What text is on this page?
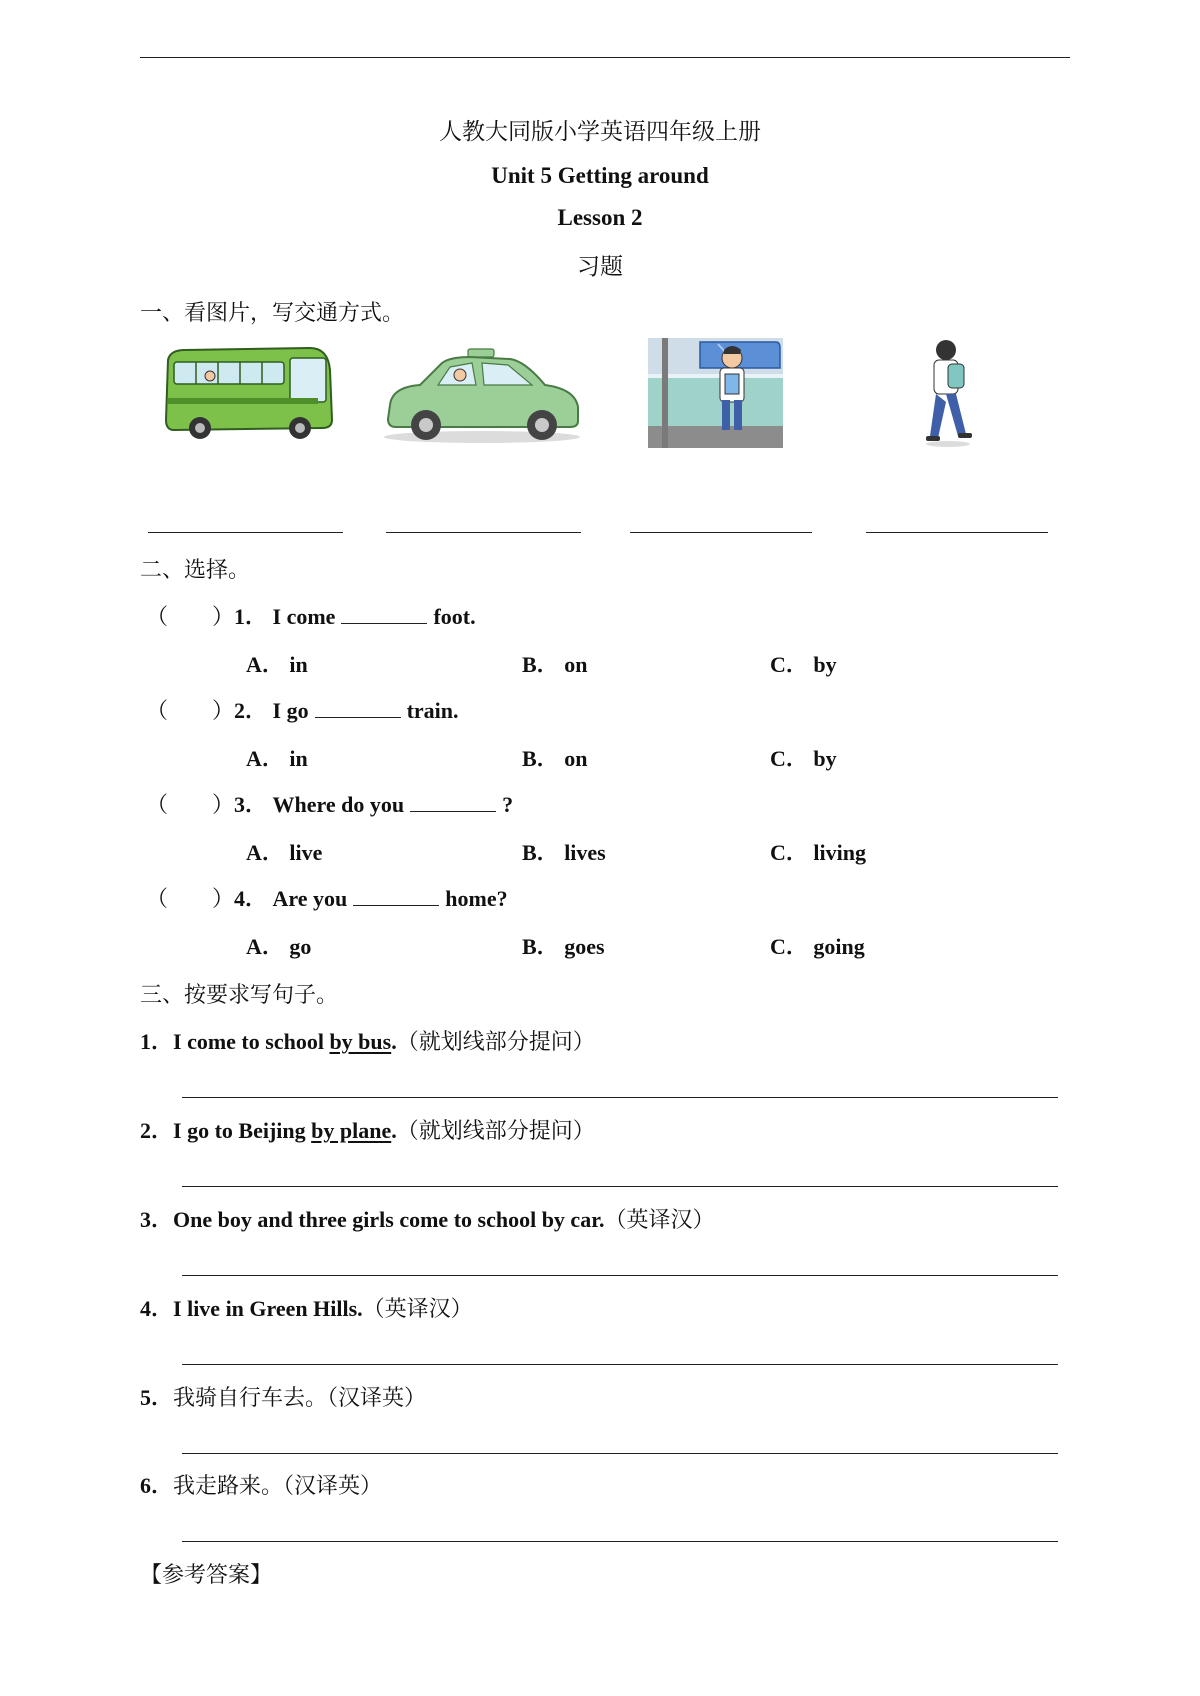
人教大同版小学英语四年级上册
Unit 5 Getting around
Lesson 2
习题
一、看图片，写交通方式。
二、选择。
（　　）1． I come	foot.
A． in	B． on	C． by
（　　）2． I go	train.
A． in	B． on	C． by
（　　）3． Where do you	?
A． live	B． lives	C． living
（　　）4． Are you	home?
A． go	B． goes	C． going
三、按要求写句子。
1．I come to school by bus.（就划线部分提问）
2．I go to Beijing by plane.（就划线部分提问）
3．One boy and three girls come to school by car.（英译汉）
4．I live in Green Hills.（英译汉）
5．我骑自行车去。（汉译英）
6．我走路来。（汉译英）
【参考答案】
